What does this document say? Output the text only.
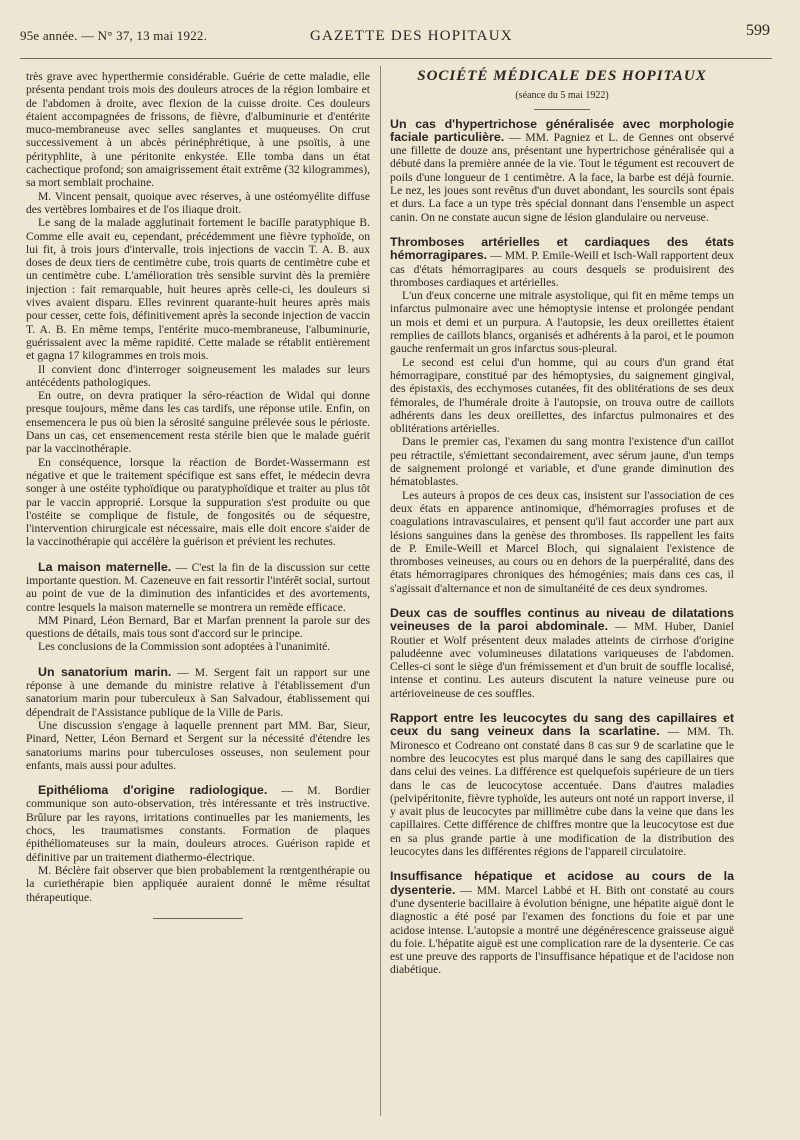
95e année. — N° 37, 13 mai 1922.	GAZETTE DES HOPITAUX	599

très grave avec hyperthermie considérable. Guérie de cette maladie, elle présenta pendant trois mois des douleurs atroces de la région lombaire et de l'abdomen à droite, avec flexion de la cuisse droite. Ces douleurs étaient accompagnées de frissons, de fièvre, d'albuminurie et d'entérite muco-membraneuse avec selles sanglantes et muqueuses. On crut successivement à un abcès périnéphrétique, à une psoïtis, à une pérityphlite, à une péritonite enkystée. Elle tomba dans un état cachectique profond; son amaigrissement était extrême (32 kilogrammes), sa mort semblait prochaine.

M. Vincent pensait, quoique avec réserves, à une ostéomyélite diffuse des vertèbres lombaires et de l'os iliaque droit.

Le sang de la malade agglutinait fortement le bacille paratyphique B. Comme elle avait eu, cependant, précédemment une fièvre typhoïde, on lui fit, à trois jours d'intervalle, trois injections de vaccin T. A. B. aux doses de deux tiers de centimètre cube, trois quarts de centimètre cube et un centimètre cube. L'amélioration très sensible survint dès la première injection : fait remarquable, huit heures après celle-ci, les douleurs si vives avaient disparu. Elles revinrent quarante-huit heures après mais pour cesser, cette fois, définitivement après la seconde injection de vaccin T. A. B. En même temps, l'entérite muco-membraneuse, l'albuminurie, guérissaient avec la même rapidité. Cette malade se rétablit entièrement et gagna 17 kilogrammes en trois mois.

Il convient donc d'interroger soigneusement les malades sur leurs antécédents pathologiques.

En outre, on devra pratiquer la séro-réaction de Widal qui donne presque toujours, même dans les cas tardifs, une réponse utile. Enfin, on ensemencera le pus où bien la sérosité sanguine prélevée sous le périoste. Dans un cas, cet ensemencement resta stérile bien que le malade guérit par la vaccinothérapie.

En conséquence, lorsque la réaction de Bordet-Wassermann est négative et que le traitement spécifique est sans effet, le médecin devra songer à une ostéite typhoïdique ou paratyphoïdique et traiter au plus tôt par le vaccin approprié. Lorsque la suppuration s'est produite ou que l'ostéite se complique de fistule, de fongosités ou de séquestre, l'intervention chirurgicale est nécessaire, mais elle doit encore s'aider de la vaccinothérapie qui accélère la guérison et prévient les rechutes.

La maison maternelle. — C'est la fin de la discussion sur cette importante question. M. Cazeneuve en fait ressortir l'intérêt social, surtout au point de vue de la diminution des infanticides et des avortements, contre lesquels la maison maternelle se montrera un remède efficace.

MM Pinard, Léon Bernard, Bar et Marfan prennent la parole sur des questions de détails, mais tous sont d'accord sur le principe.

Les conclusions de la Commission sont adoptées à l'unanimité.

Un sanatorium marin. — M. Sergent fait un rapport sur une réponse à une demande du ministre relative à l'établissement d'un sanatorium marin pour tuberculeux à San Salvadour, établissement qui dépendrait de l'Assistance publique de la Ville de Paris.

Une discussion s'engage à laquelle prennent part MM. Bar, Sieur, Pinard, Netter, Léon Bernard et Sergent sur la nécessité d'étendre les sanatoriums marins pour tuberculoses osseuses, non seulement pour enfants, mais aussi pour adultes.

Epithélioma d'origine radiologique. — M. Bordier communique son auto-observation, très intéressante et très instructive. Brûlure par les rayons, irritations continuelles par les maniements, les chocs, les traumatismes constants. Formation de plaques épithéliomateuses sur la main, douleurs atroces. Guérison rapide et définitive par un traitement diathermo-électrique.

M. Béclère fait observer que bien probablement la rœntgenthérapie ou la curiethérapie bien appliquée auraient donné le même résultat thérapeutique.

SOCIÉTÉ MÉDICALE DES HOPITAUX
(séance du 5 mai 1922)

Un cas d'hypertrichose généralisée avec morphologie faciale particulière. — MM. Pagniez et L. de Gennes ont observé une fillette de douze ans, présentant une hypertrichose généralisée qui a débuté dans la première année de la vie. Tout le tégument est recouvert de poils d'une longueur de 1 centimètre. A la face, la barbe est déjà fournie. Le nez, les joues sont revêtus d'un duvet abondant, les sourcils sont épais et durs. La face a un type très spécial donnant dans l'ensemble un aspect canin. On ne constate aucun signe de lésion glandulaire ou nerveuse.

Thromboses artérielles et cardiaques des états hémorragipares. — MM. P. Emile-Weill et Isch-Wall rapportent deux cas d'états hémorragipares au cours desquels se produisirent des thromboses cardiaques et artérielles.

L'un d'eux concerne une mitrale asystolique, qui fit en même temps un infarctus pulmonaire avec une hémoptysie intense et prolongée pendant un mois et demi et un purpura. A l'autopsie, les deux oreillettes étaient remplies de caillots blancs, organisés et adhérents à la paroi, et le poumon gauche renfermait un gros infarctus sous-pleural.

Le second est celui d'un homme, qui au cours d'un grand état hémorragipare, constitué par des hémoptysies, du saignement gingival, des épistaxis, des ecchymoses cutanées, fit des oblitérations de ses deux fémorales, de l'humérale droite à l'autopsie, on trouva outre de caillots adhérents dans les deux oreillettes, des infarctus pulmonaires et des oblitérations artérielles.

Dans le premier cas, l'examen du sang montra l'existence d'un caillot peu rétractile, s'émiettant secondairement, avec sérum jaune, d'un temps de saignement prolongé et variable, et d'une grande diminution des hématoblastes.

Les auteurs à propos de ces deux cas, insistent sur l'association de ces deux états en apparence antinomique, d'hémorragies profuses et de coagulations intravasculaires, et pensent qu'il faut accorder une part aux lésions sanguines dans la genèse des thromboses. Ils rappellent les faits de P. Emile-Weill et Marcel Bloch, qui signalaient l'existence de thromboses veineuses, au cours ou en dehors de la puerpéralité, dans des états hémorragipares chroniques des hémogénies; mais dans ces cas, il s'agissait d'alternance et non de simultanéité de ces deux syndromes.

Deux cas de souffles continus au niveau de dilatations veineuses de la paroi abdominale. — MM. Huber, Daniel Routier et Wolf présentent deux malades atteints de cirrhose d'origine paludéenne avec volumineuses dilatations variqueuses de l'abdomen. Celles-ci sont le siège d'un frémissement et d'un bruit de souffle localisé, intense et continu. Les auteurs discutent la nature veineuse pure ou artérioveineuse de ces souffles.

Rapport entre les leucocytes du sang des capillaires et ceux du sang veineux dans la scarlatine. — MM. Th. Mironesco et Codreano ont constaté dans 8 cas sur 9 de scarlatine que le nombre des leucocytes est plus marqué dans le sang des capillaires que dans celui des veines. La différence est quelquefois supérieure de un tiers dans le cas de leucocytose accentuée. Dans d'autres maladies (pelvipéritonite, fièvre typhoïde, les auteurs ont noté un rapport inverse, il y avait plus de leucocytes par millimètre cube dans la veine que dans les capillaires. Cette différence de chiffres montre que la leucocytose est due en sa plus grande partie à une modification de la distribution des leucocytes dans les différentes régions de l'appareil circulatoire.

Insuffisance hépatique et acidose au cours de la dysenterie. — MM. Marcel Labbé et H. Bith ont constaté au cours d'une dysenterie bacillaire à évolution bénigne, une hépatite aiguë dont le diagnostic a été posé par l'examen des fonctions du foie et par une acidose intense. L'autopsie a montré une dégénérescence graisseuse aiguë du foie. L'hépatite aiguë est une complication rare de la dysenterie. Ce cas est une preuve des rapports de l'insuffisance hépatique et de l'acidose non diabétique.
